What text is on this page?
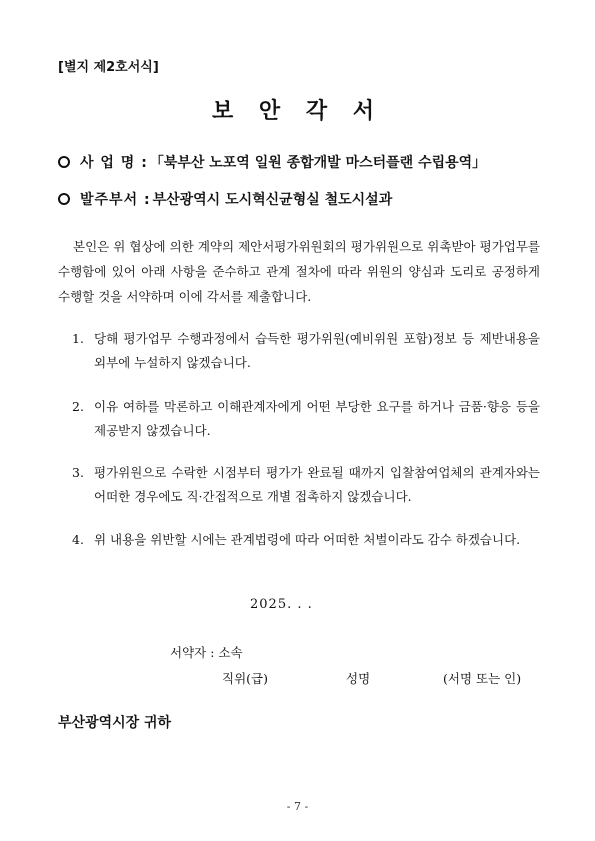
[별지 제2호서식]
보 안 각 서
사 업 명 : 「북부산 노포역 일원 종합개발 마스터플랜 수립용역」
발주부서 : 부산광역시 도시혁신균형실 철도시설과
본인은 위 협상에 의한 계약의 제안서평가위원회의 평가위원으로 위촉받아 평가업무를 수행함에 있어 아래 사항을 준수하고 관계 절차에 따라 위원의 양심과 도리로 공정하게 수행할 것을 서약하며 이에 각서를 제출합니다.
1. 당해 평가업무 수행과정에서 습득한 평가위원(예비위원 포함)정보 등 제반내용을 외부에 누설하지 않겠습니다.
2. 이유 여하를 막론하고 이해관계자에게 어떤 부당한 요구를 하거나 금품·향응 등을 제공받지 않겠습니다.
3. 평가위원으로 수락한 시점부터 평가가 완료될 때까지 입찰참여업체의 관계자와는 어떠한 경우에도 직·간접적으로 개별 접촉하지 않겠습니다.
4. 위 내용을 위반할 시에는 관계법령에 따라 어떠한 처벌이라도 감수 하겠습니다.
2025. . .
서약자 : 소속
직위(급)	성명	(서명 또는 인)
부산광역시장 귀하
- 7 -
